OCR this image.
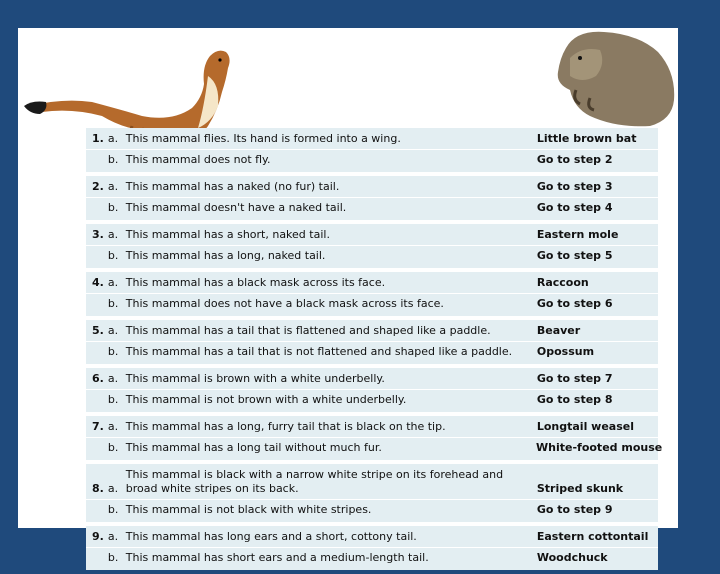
1. a. This mammal flies. Its hand is formed into a wing.	Little brown bat
b. This mammal does not fly.	Go to step 2
2. a. This mammal has a naked (no fur) tail.	Go to step 3
b. This mammal doesn't have a naked tail.	Go to step 4
3. a. This mammal has a short, naked tail.	Eastern mole
b. This mammal has a long, naked tail.	Go to step 5
4. a. This mammal has a black mask across its face.	Raccoon
b. This mammal does not have a black mask across its face.	Go to step 6
5. a. This mammal has a tail that is flattened and shaped like a paddle.	Beaver
b. This mammal has a tail that is not flattened and shaped like a paddle.	Opossum
6. a. This mammal is brown with a white underbelly.	Go to step 7
b. This mammal is not brown with a white underbelly.	Go to step 8
7. a. This mammal has a long, furry tail that is black on the tip.	Longtail weasel
b. This mammal has a long tail without much fur.	White-footed mouse
8. a.
This mammal is black with a narrow white stripe on its forehead and broad white stripes on its back.	Striped skunk
b. This mammal is not black with white stripes.	Go to step 9
9. a. This mammal has long ears and a short, cottony tail.	Eastern cottontail
b. This mammal has short ears and a medium-length tail.	Woodchuck
